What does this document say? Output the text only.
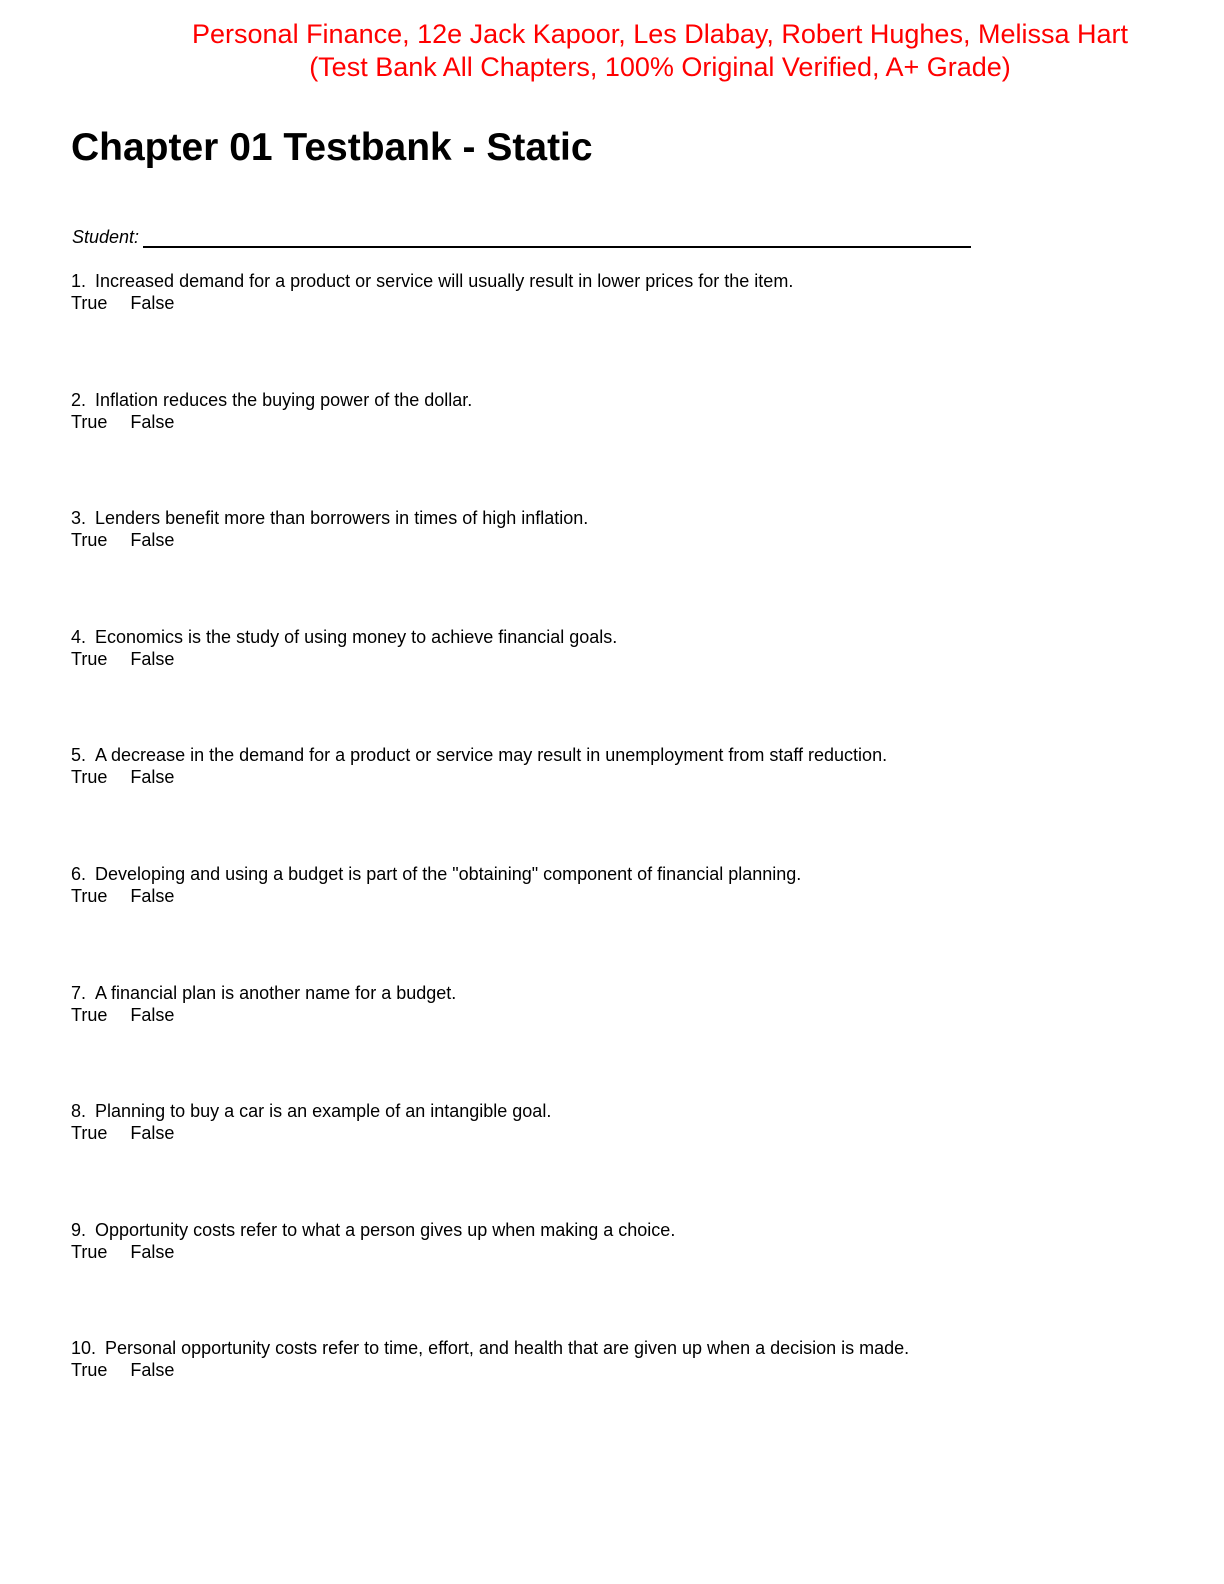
Personal Finance, 12e Jack Kapoor, Les Dlabay, Robert Hughes, Melissa Hart
(Test Bank All Chapters, 100% Original Verified, A+ Grade)
Chapter 01 Testbank - Static
Student:
1. Increased demand for a product or service will usually result in lower prices for the item.
True False
2. Inflation reduces the buying power of the dollar.
True False
3. Lenders benefit more than borrowers in times of high inflation.
True False
4. Economics is the study of using money to achieve financial goals.
True False
5. A decrease in the demand for a product or service may result in unemployment from staff reduction.
True False
6. Developing and using a budget is part of the "obtaining" component of financial planning.
True False
7. A financial plan is another name for a budget.
True False
8. Planning to buy a car is an example of an intangible goal.
True False
9. Opportunity costs refer to what a person gives up when making a choice.
True False
10. Personal opportunity costs refer to time, effort, and health that are given up when a decision is made.
True False
